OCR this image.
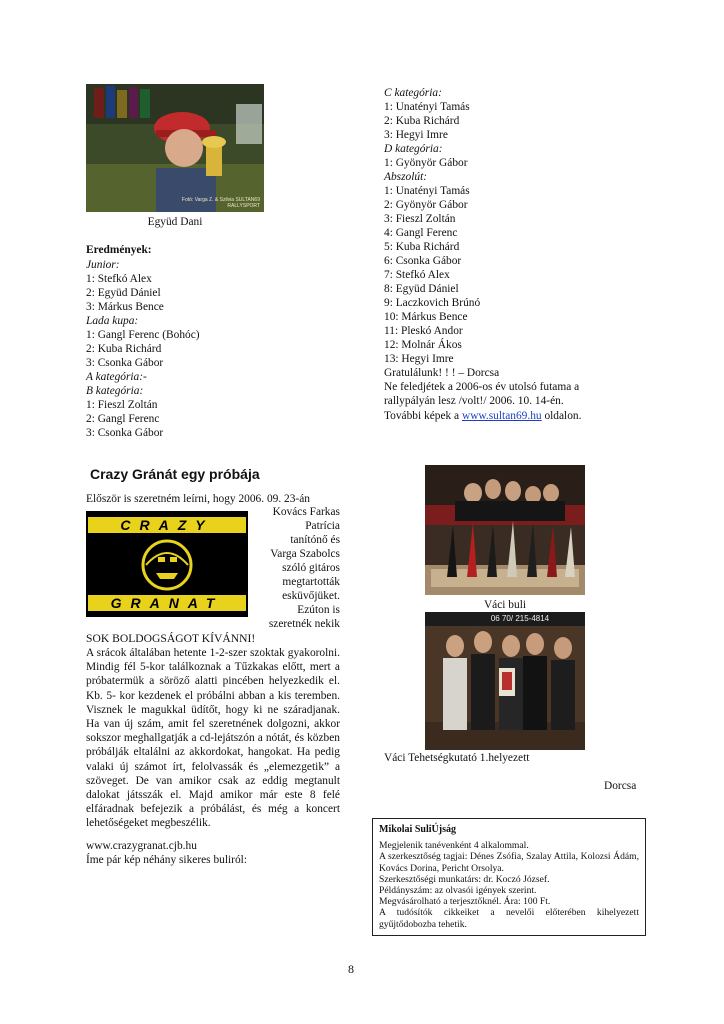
Fotó: Varga Z. & Szilvia SULTAN69 RALLYSPORT
Együd Dani
Eredmények:
Junior:
1: Stefkó Alex
2: Együd Dániel
3: Márkus Bence
Lada kupa:
1: Gangl Ferenc (Bohóc)
2: Kuba Richárd
3: Csonka Gábor
A kategória:-
B kategória:
1: Fieszl Zoltán
2: Gangl Ferenc
3: Csonka Gábor
C kategória:
1: Unatényi Tamás
2: Kuba Richárd
3: Hegyi Imre
D kategória:
1: Gyönyör Gábor
Abszolút:
1: Unatényi Tamás
2: Gyönyör Gábor
3: Fieszl Zoltán
4: Gangl Ferenc
5: Kuba Richárd
6: Csonka Gábor
7: Stefkó Alex
8: Együd Dániel
9: Laczkovich Brúnó
10: Márkus Bence
11: Pleskó Andor
12: Molnár Ákos
13: Hegyi Imre
Gratulálunk! ! ! – Dorcsa
Ne feledjétek a 2006-os év utolsó futama a
rallypályán lesz /volt!/ 2006. 10. 14-én.
További képek a www.sultan69.hu oldalon.
Crazy Gránát egy próbája
Először is szeretném leírni, hogy 2006. 09. 23-án
CRAZY
GRANAT
Kovács Farkas
Patrícia
tanítónő és
Varga Szabolcs
szóló gitáros
megtartották
esküvőjüket.
Ezúton is
szeretnék nekik
SOK BOLDOGSÁGOT KÍVÁNNI!
A srácok általában hetente 1-2-szer szoktak gyakorolni. Mindig fél 5-kor találkoznak a Tűzkakas előtt, mert a próbatermük a söröző alatti pincében helyezkedik el. Kb. 5- kor kezdenek el próbálni abban a kis teremben. Visznek le magukkal üdítőt, hogy ki ne száradjanak. Ha van új szám, amit fel szeretnének dolgozni, akkor sokszor meghallgatják a cd-lejátszón a nótát, és közben próbálják eltalálni az akkordokat, hangokat. Ha pedig valaki új számot írt, felolvassák és „elemezgetik” a szöveget. De van amikor csak az eddig megtanult dalokat játsszák el. Majd amikor már este 8 felé elfáradnak befejezik a próbálást, és még a koncert lehetőségeket megbeszélik.
www.crazygranat.cjb.hu
Íme pár kép néhány sikeres buliról:
Váci buli
06 70/ 215-4814
Váci Tehetségkutató 1.helyezett
Dorcsa
Mikolai SuliÚjság
Megjelenik tanévenként 4 alkalommal.
A szerkesztőség tagjai: Dénes Zsófia, Szalay Attila, Kolozsi Ádám, Kovács Dorina, Pericht Orsolya.
Szerkesztőségi munkatárs: dr. Koczó József.
Példányszám: az olvasói igények szerint.
Megvásárolható a terjesztőknél. Ára: 100 Ft.
A tudósítók cikkeiket a nevelői előterében kihelyezett gyűjtődobozba tehetik.
8
